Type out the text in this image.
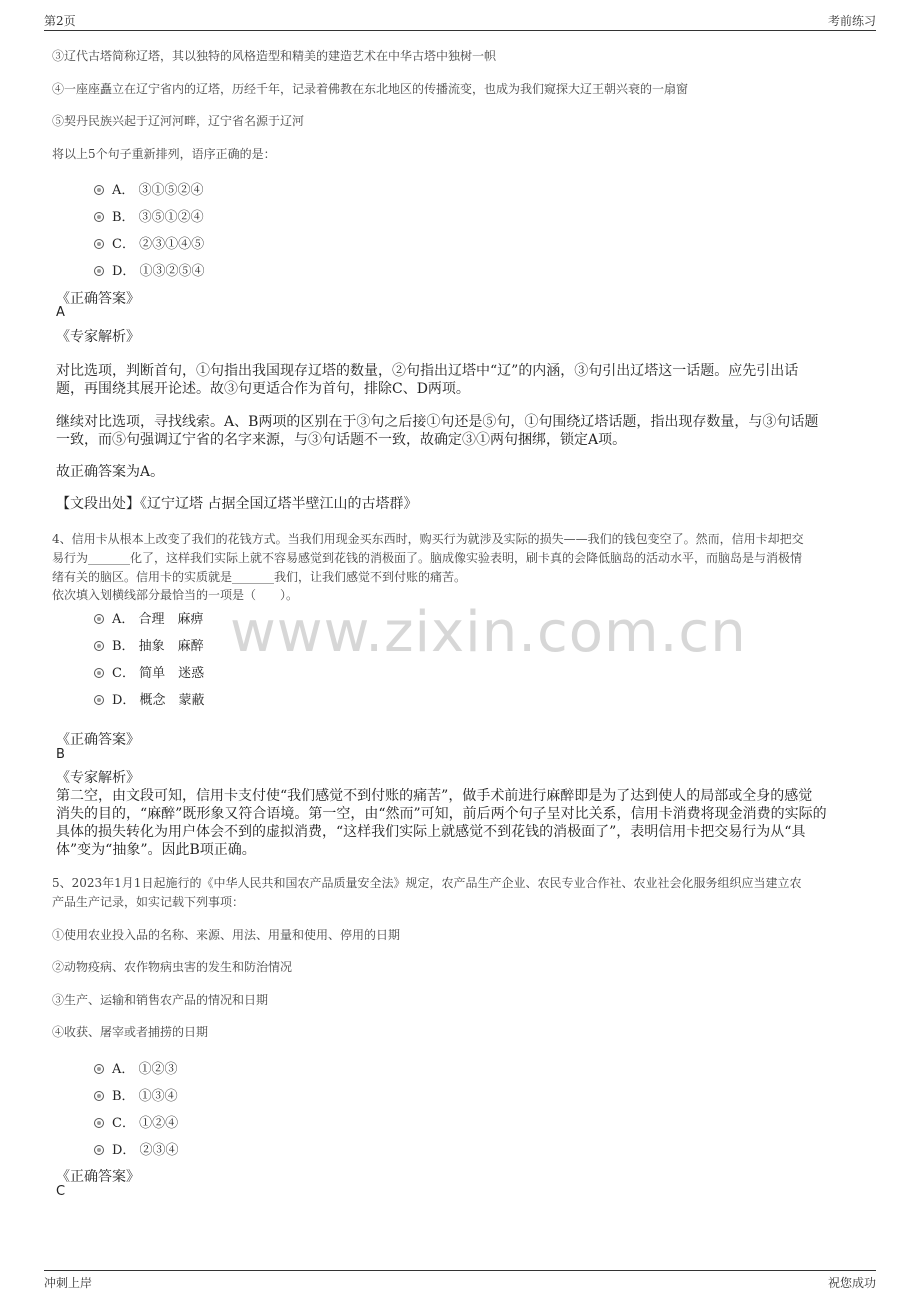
第2页	考前练习
www.zixin.com.cn
③辽代古塔简称辽塔，其以独特的风格造型和精美的建造艺术在中华古塔中独树一帜
④一座座矗立在辽宁省内的辽塔，历经千年，记录着佛教在东北地区的传播流变，也成为我们窥探大辽王朝兴衰的一扇窗
⑤契丹民族兴起于辽河河畔，辽宁省名源于辽河
将以上5个句子重新排列，语序正确的是：
A． ③①⑤②④
B． ③⑤①②④
C． ②③①④⑤
D． ①③②⑤④
《正确答案》
A
《专家解析》
对比选项，判断首句，①句指出我国现存辽塔的数量，②句指出辽塔中“辽”的内涵，③句引出辽塔这一话题。应先引出话
题，再围绕其展开论述。故③句更适合作为首句，排除C、D两项。
继续对比选项，寻找线索。A、B两项的区别在于③句之后接①句还是⑤句，①句围绕辽塔话题，指出现存数量，与③句话题
一致，而⑤句强调辽宁省的名字来源，与③句话题不一致，故确定③①两句捆绑，锁定A项。
故正确答案为A。
【文段出处】《辽宁辽塔 占据全国辽塔半壁江山的古塔群》
4、信用卡从根本上改变了我们的花钱方式。当我们用现金买东西时，购买行为就涉及实际的损失——我们的钱包变空了。然而，信用卡却把交
易行为_______化了，这样我们实际上就不容易感觉到花钱的消极面了。脑成像实验表明，刷卡真的会降低脑岛的活动水平，而脑岛是与消极情
绪有关的脑区。信用卡的实质就是_______我们，让我们感觉不到付账的痛苦。
依次填入划横线部分最恰当的一项是（　　）。
A． 合理　麻痹
B． 抽象　麻醉
C． 简单　迷惑
D． 概念　蒙蔽
《正确答案》
B
《专家解析》
第二空，由文段可知，信用卡支付使“我们感觉不到付账的痛苦”，做手术前进行麻醉即是为了达到使人的局部或全身的感觉
消失的目的，“麻醉”既形象又符合语境。第一空，由“然而”可知，前后两个句子呈对比关系，信用卡消费将现金消费的实际的
具体的损失转化为用户体会不到的虚拟消费，“这样我们实际上就感觉不到花钱的消极面了”，表明信用卡把交易行为从“具
体”变为“抽象”。因此B项正确。
5、2023年1月1日起施行的《中华人民共和国农产品质量安全法》规定，农产品生产企业、农民专业合作社、农业社会化服务组织应当建立农
产品生产记录，如实记载下列事项：
①使用农业投入品的名称、来源、用法、用量和使用、停用的日期
②动物疫病、农作物病虫害的发生和防治情况
③生产、运输和销售农产品的情况和日期
④收获、屠宰或者捕捞的日期
A． ①②③
B． ①③④
C． ①②④
D． ②③④
《正确答案》
C
冲刺上岸	祝您成功
